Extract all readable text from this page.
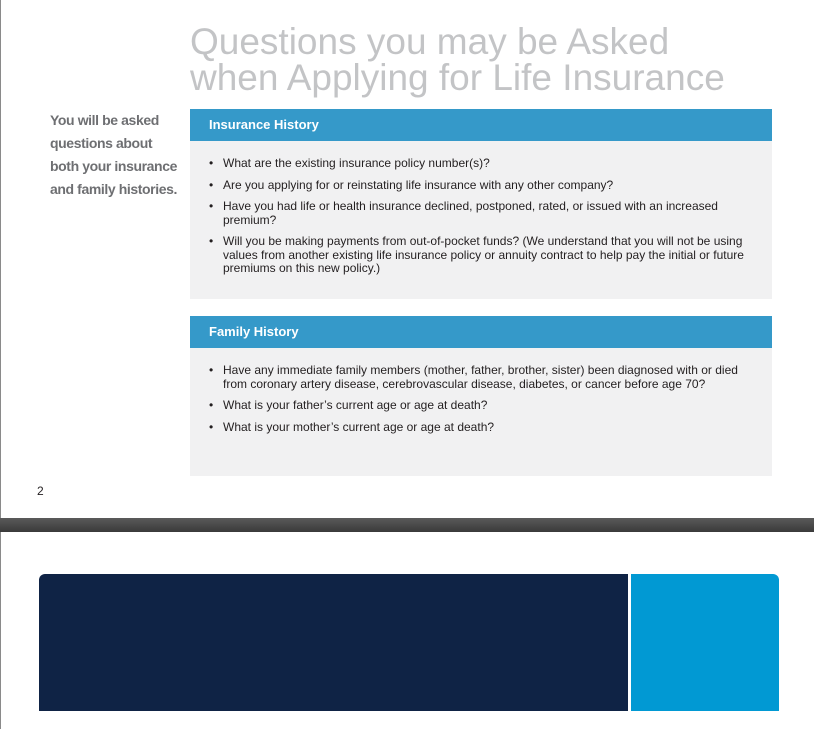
Questions you may be Asked
when Applying for Life Insurance
You will be asked
questions about
both your insurance
and family histories.
Insurance History
• What are the existing insurance policy number(s)?
• Are you applying for or reinstating life insurance with any other company?
• Have you had life or health insurance declined, postponed, rated, or issued with an increased premium?
• Will you be making payments from out-of-pocket funds? (We understand that you will not be using values from another existing life insurance policy or annuity contract to help pay the initial or future premiums on this new policy.)
Family History
• Have any immediate family members (mother, father, brother, sister) been diagnosed with or died from coronary artery disease, cerebrovascular disease, diabetes, or cancer before age 70?
• What is your father’s current age or age at death?
• What is your mother’s current age or age at death?
2
